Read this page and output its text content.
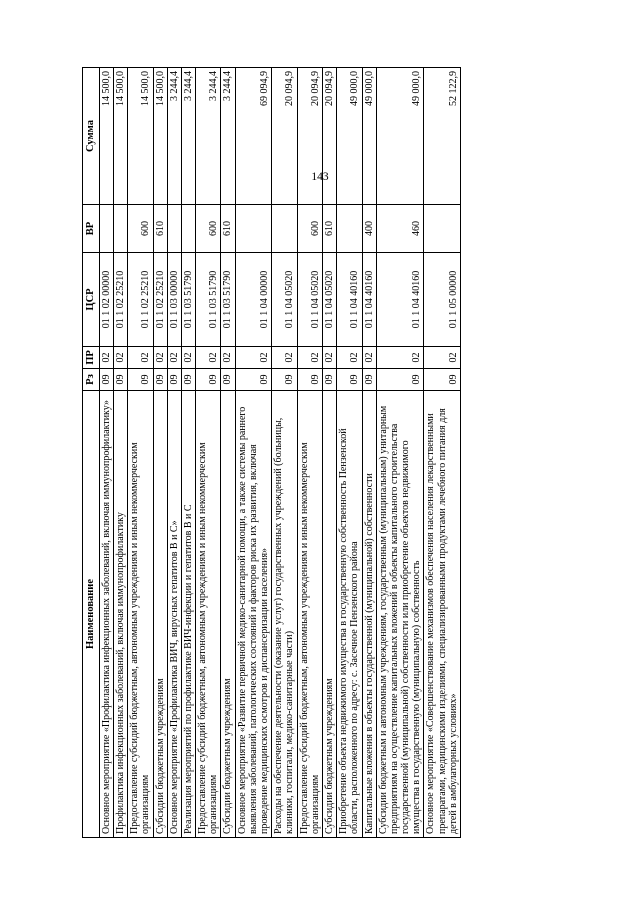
143
Наименование	Рз	ПР	ЦСР	ВР	Сумма
Основное мероприятие «Профилактика инфекционных заболеваний, включая иммунопрофилактику»	09	02	01 1 02 00000		14 500,0
Профилактика инфекционных заболеваний, включая иммунопрофилактику	09	02	01 1 02 25210		14 500,0
Предоставление субсидий бюджетным, автономным учреждениям и иным некоммерческим организациям	09	02	01 1 02 25210	600	14 500,0
Субсидии бюджетным учреждениям	09	02	01 1 02 25210	610	14 500,0
Основное мероприятие «Профилактика ВИЧ, вирусных гепатитов В и С»	09	02	01 1 03 00000		3 244,4
Реализация мероприятий по профилактике ВИЧ-инфекции и гепатитов В и С	09	02	01 1 03 51790		3 244,4
Предоставление субсидий бюджетным, автономным учреждениям и иным некоммерческим организациям	09	02	01 1 03 51790	600	3 244,4
Субсидии бюджетным учреждениям	09	02	01 1 03 51790	610	3 244,4
Основное мероприятие «Развитие первичной медико-санитарной помощи, а также системы раннего выявления заболеваний, патологических состояний и факторов риска их развития, включая проведение медицинских осмотров и диспансеризации населения»	09	02	01 1 04 00000		69 094,9
Расходы на обеспечение деятельности (оказание услуг) государственных учреждений (больницы, клиники, госпитали, медико-санитарные части)	09	02	01 1 04 05020		20 094,9
Предоставление субсидий бюджетным, автономным учреждениям и иным некоммерческим организациям	09	02	01 1 04 05020	600	20 094,9
Субсидии бюджетным учреждениям	09	02	01 1 04 05020	610	20 094,9
Приобретение объекта недвижимого имущества в государственную собственность Пензенской области, расположенного по адресу: с. Засечное Пензенского района	09	02	01 1 04 40160		49 000,0
Капитальные вложения в объекты государственной (муниципальной) собственности	09	02	01 1 04 40160	400	49 000,0
Субсидии бюджетным и автономным учреждениям, государственным (муниципальным) унитарным предприятиям на осуществление капитальных вложений в объекты капитального строительства государственной (муниципальной) собственности или приобретение объектов недвижимого имущества в государственную (муниципальную) собственность	09	02	01 1 04 40160	460	49 000,0
Основное мероприятие «Совершенствование механизмов обеспечения населения лекарственными препаратами, медицинскими изделиями, специализированными продуктами лечебного питания для детей в амбулаторных условиях»	09	02	01 1 05 00000		52 122,9
